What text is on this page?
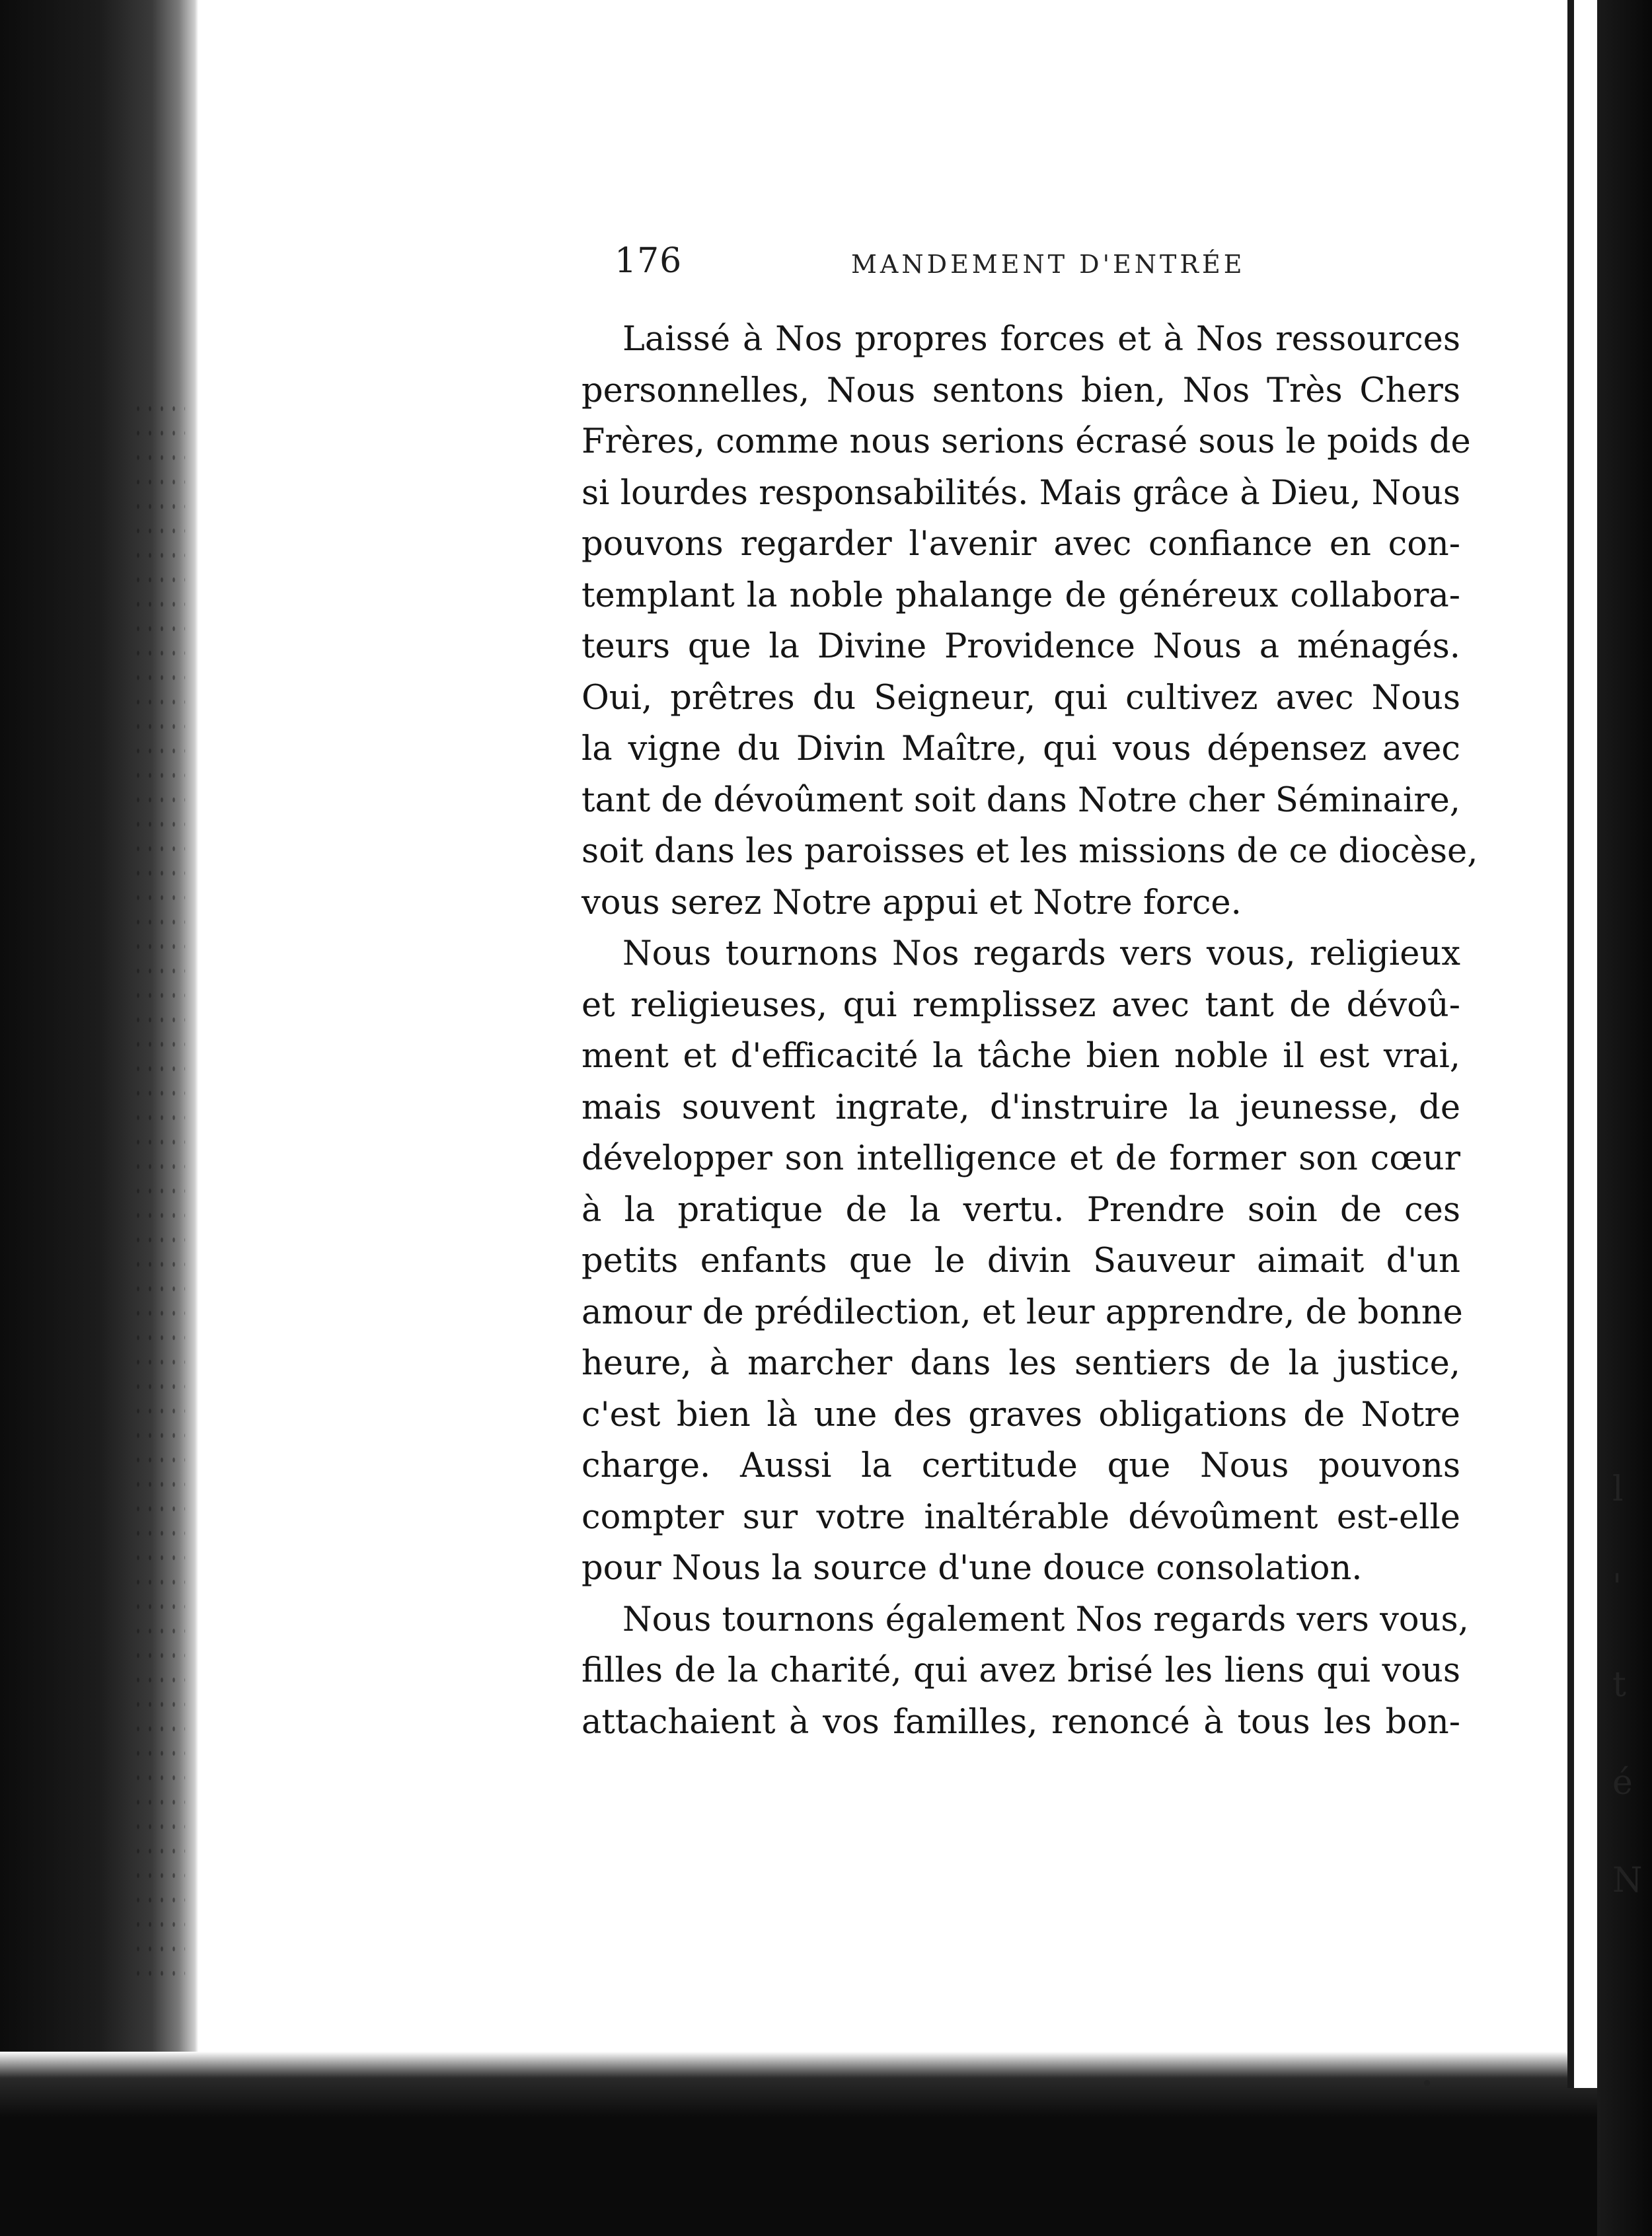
l
'
t
é
N
176	MANDEMENT D'ENTRÉE
Laissé à Nos propres forces et à Nos ressources
personnelles, Nous sentons bien, Nos Très Chers
Frères, comme nous serions écrasé sous le poids de
si lourdes responsabilités. Mais grâce à Dieu, Nous
pouvons regarder l'avenir avec confiance en con-
templant la noble phalange de généreux collabora-
teurs que la Divine Providence Nous a ménagés.
Oui, prêtres du Seigneur, qui cultivez avec Nous
la vigne du Divin Maître, qui vous dépensez avec
tant de dévoûment soit dans Notre cher Séminaire,
soit dans les paroisses et les missions de ce diocèse,
vous serez Notre appui et Notre force.
Nous tournons Nos regards vers vous, religieux
et religieuses, qui remplissez avec tant de dévoû-
ment et d'efficacité la tâche bien noble il est vrai,
mais souvent ingrate, d'instruire la jeunesse, de
développer son intelligence et de former son cœur
à la pratique de la vertu. Prendre soin de ces
petits enfants que le divin Sauveur aimait d'un
amour de prédilection, et leur apprendre, de bonne
heure, à marcher dans les sentiers de la justice,
c'est bien là une des graves obligations de Notre
charge. Aussi la certitude que Nous pouvons
compter sur votre inaltérable dévoûment est-elle
pour Nous la source d'une douce consolation.
Nous tournons également Nos regards vers vous,
filles de la charité, qui avez brisé les liens qui vous
attachaient à vos familles, renoncé à tous les bon-
